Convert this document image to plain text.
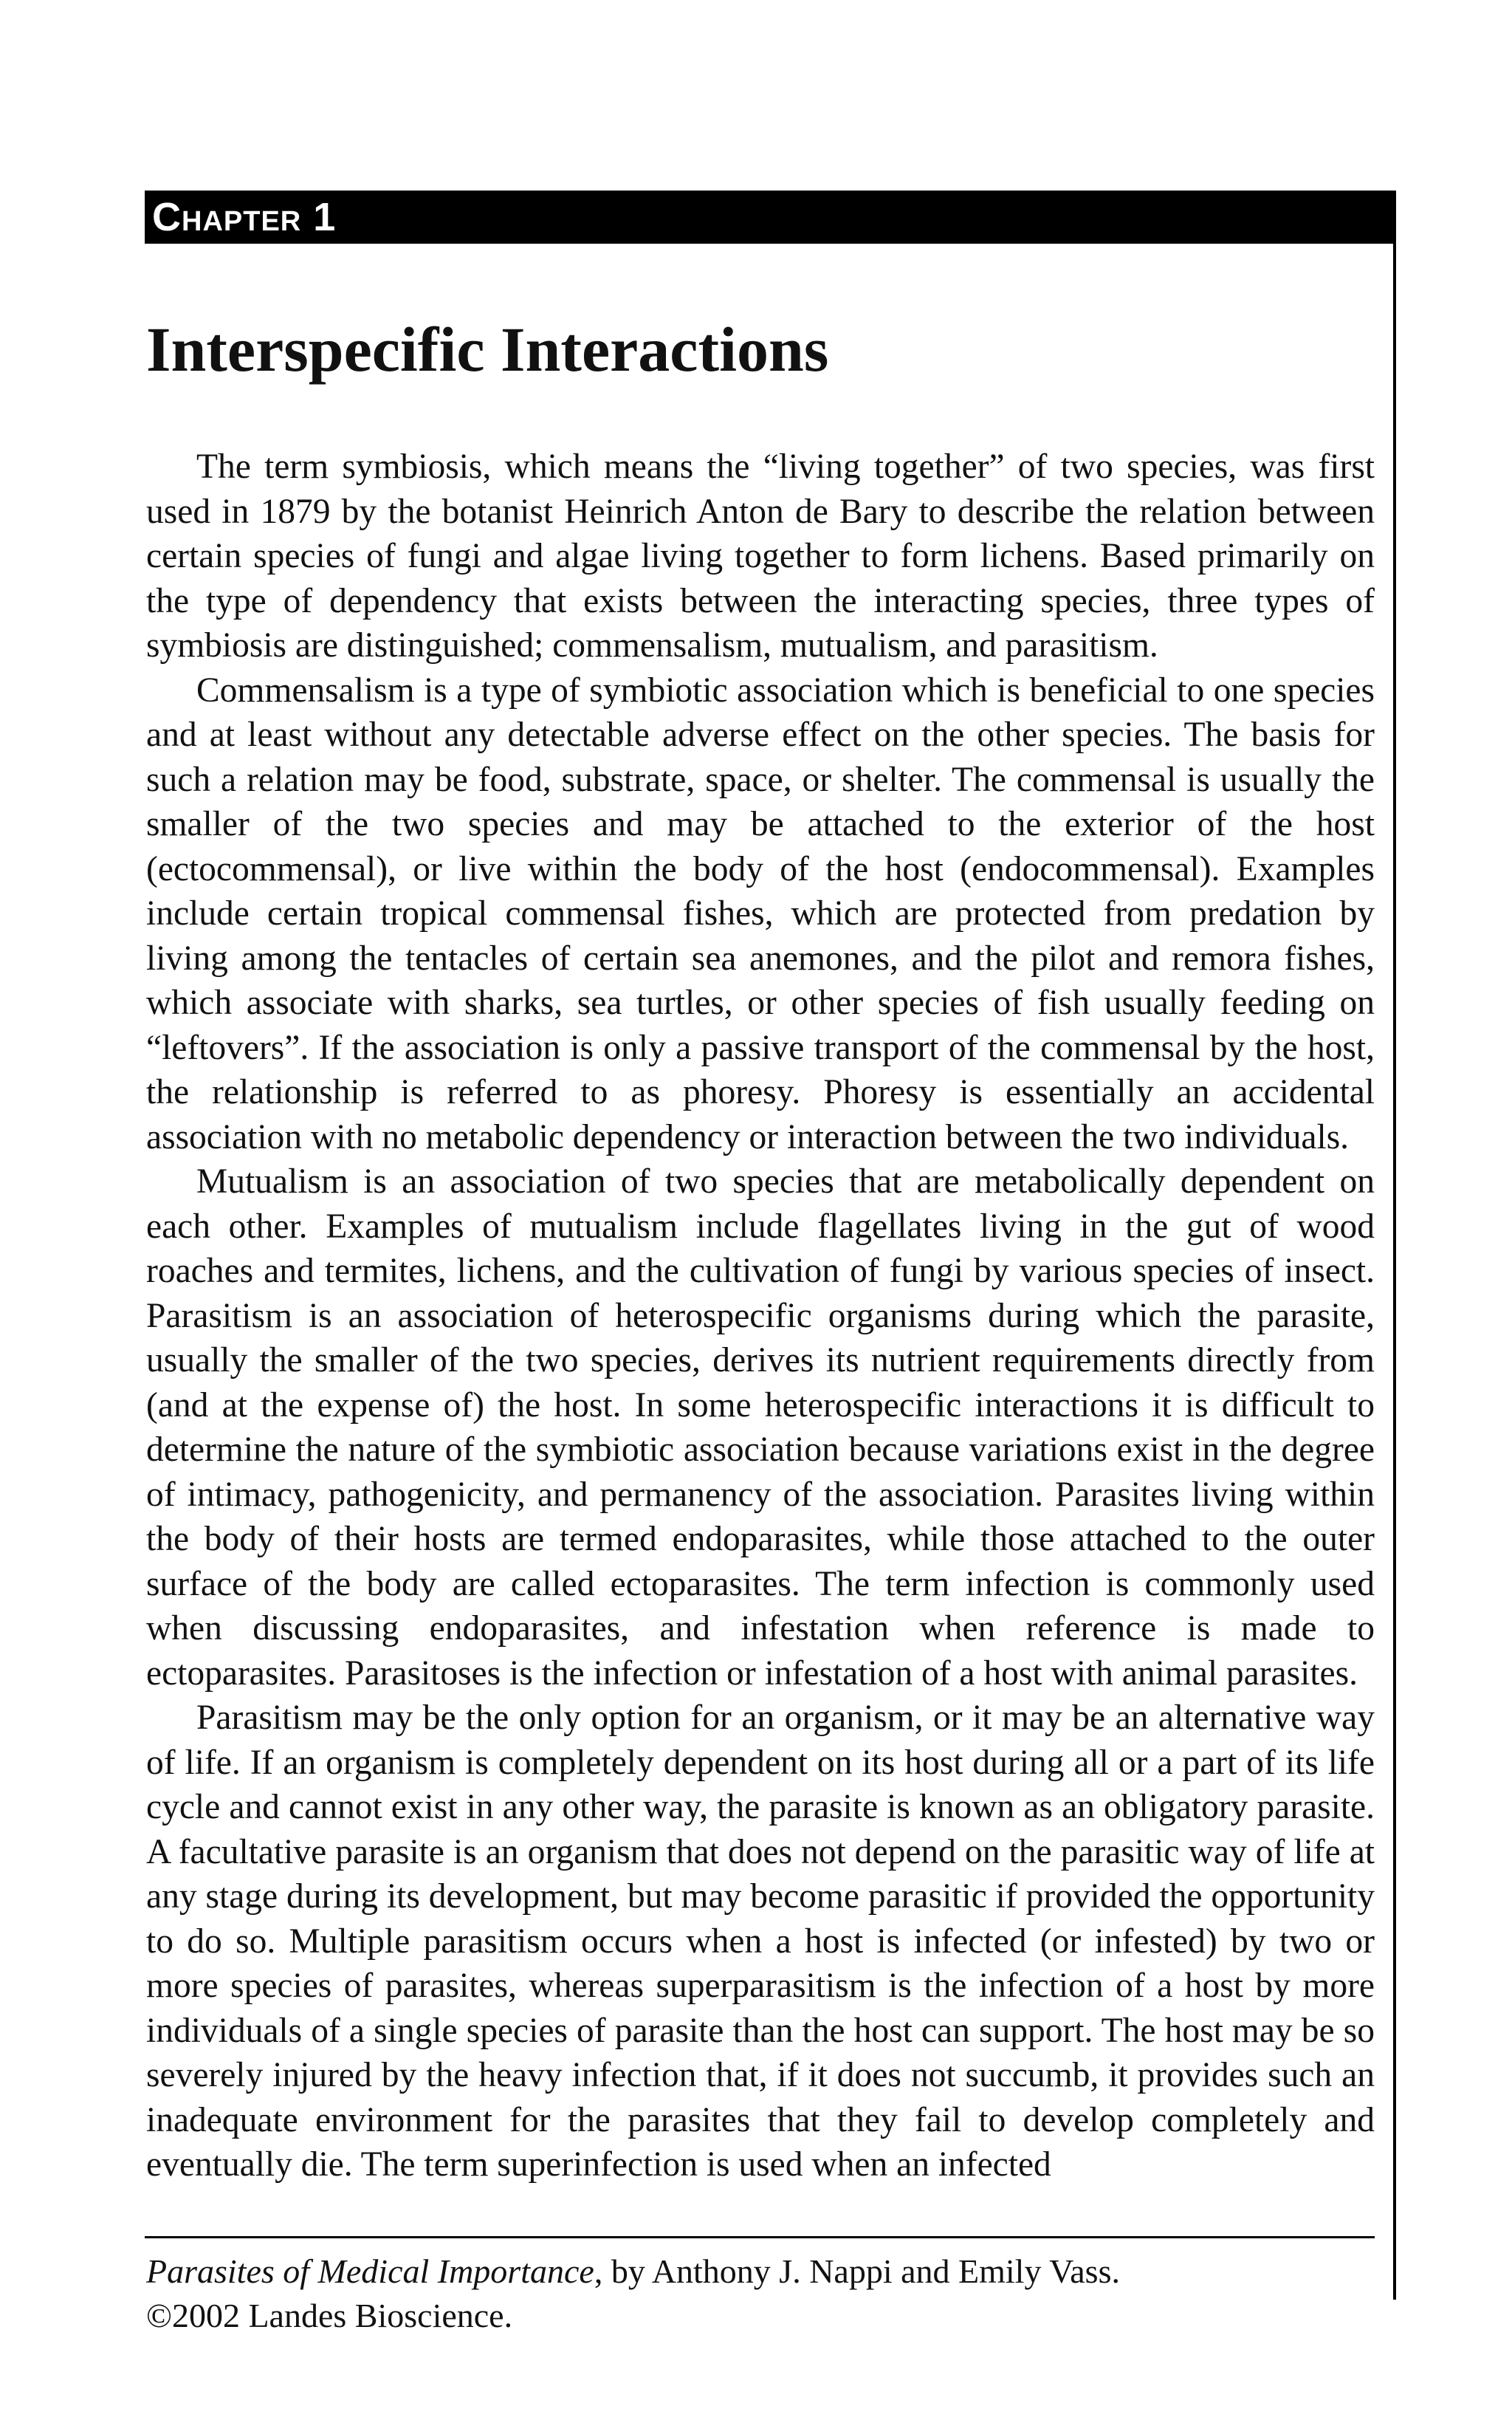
Chapter 1
Interspecific Interactions

The term symbiosis, which means the “living together” of two species, was first used in 1879 by the botanist Heinrich Anton de Bary to describe the relation between certain species of fungi and algae living together to form lichens. Based primarily on the type of dependency that exists between the interacting species, three types of symbiosis are distinguished; commensalism, mutualism, and parasitism.

Commensalism is a type of symbiotic association which is beneficial to one species and at least without any detectable adverse effect on the other species. The basis for such a relation may be food, substrate, space, or shelter. The commensal is usually the smaller of the two species and may be attached to the exterior of the host (ectocommensal), or live within the body of the host (endocommensal). Examples include certain tropical commensal fishes, which are protected from predation by living among the tentacles of certain sea anemones, and the pilot and remora fishes, which associate with sharks, sea turtles, or other species of fish usually feeding on “leftovers”. If the association is only a passive transport of the commensal by the host, the relationship is referred to as phoresy. Phoresy is essentially an accidental association with no metabolic dependency or interaction between the two individuals.

Mutualism is an association of two species that are metabolically dependent on each other. Examples of mutualism include flagellates living in the gut of wood roaches and termites, lichens, and the cultivation of fungi by various species of insect. Parasitism is an association of heterospecific organisms during which the parasite, usually the smaller of the two species, derives its nutrient requirements directly from (and at the expense of) the host. In some heterospecific interactions it is difficult to determine the nature of the symbiotic association because variations exist in the degree of intimacy, pathogenicity, and permanency of the association. Parasites living within the body of their hosts are termed endoparasites, while those attached to the outer surface of the body are called ectoparasites. The term infection is commonly used when discussing endoparasites, and infestation when reference is made to ectoparasites. Parasitoses is the infection or infestation of a host with animal parasites.

Parasitism may be the only option for an organism, or it may be an alternative way of life. If an organism is completely dependent on its host during all or a part of its life cycle and cannot exist in any other way, the parasite is known as an obligatory parasite. A facultative parasite is an organism that does not depend on the parasitic way of life at any stage during its development, but may become parasitic if provided the opportunity to do so. Multiple parasitism occurs when a host is infected (or infested) by two or more species of parasites, whereas superparasitism is the infection of a host by more individuals of a single species of parasite than the host can support. The host may be so severely injured by the heavy infection that, if it does not succumb, it provides such an inadequate environment for the parasites that they fail to develop completely and eventually die. The term superinfection is used when an infected

Parasites of Medical Importance, by Anthony J. Nappi and Emily Vass.
©2002 Landes Bioscience.
